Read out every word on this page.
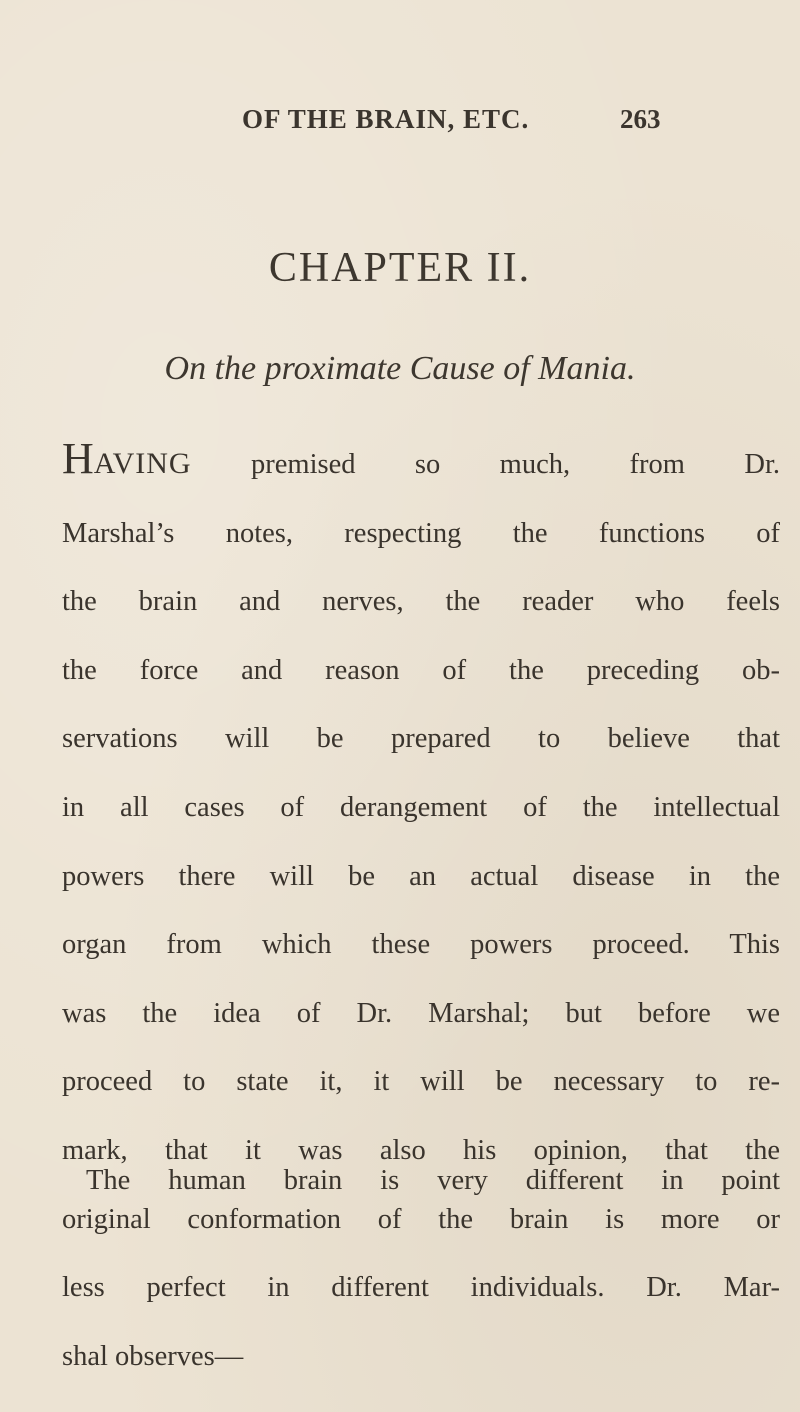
OF THE BRAIN, ETC.	263
CHAPTER II.
On the proximate Cause of Mania.
HAVING premised so much, from Dr.
Marshal’s notes, respecting the functions of
the brain and nerves, the reader who feels
the force and reason of the preceding ob-
servations will be prepared to believe that
in all cases of derangement of the intellectual
powers there will be an actual disease in the
organ from which these powers proceed. This
was the idea of Dr. Marshal; but before we
proceed to state it, it will be necessary to re-
mark, that it was also his opinion, that the
original conformation of the brain is more or
less perfect in different individuals. Dr. Mar-
shal observes—
The human brain is very different in point
